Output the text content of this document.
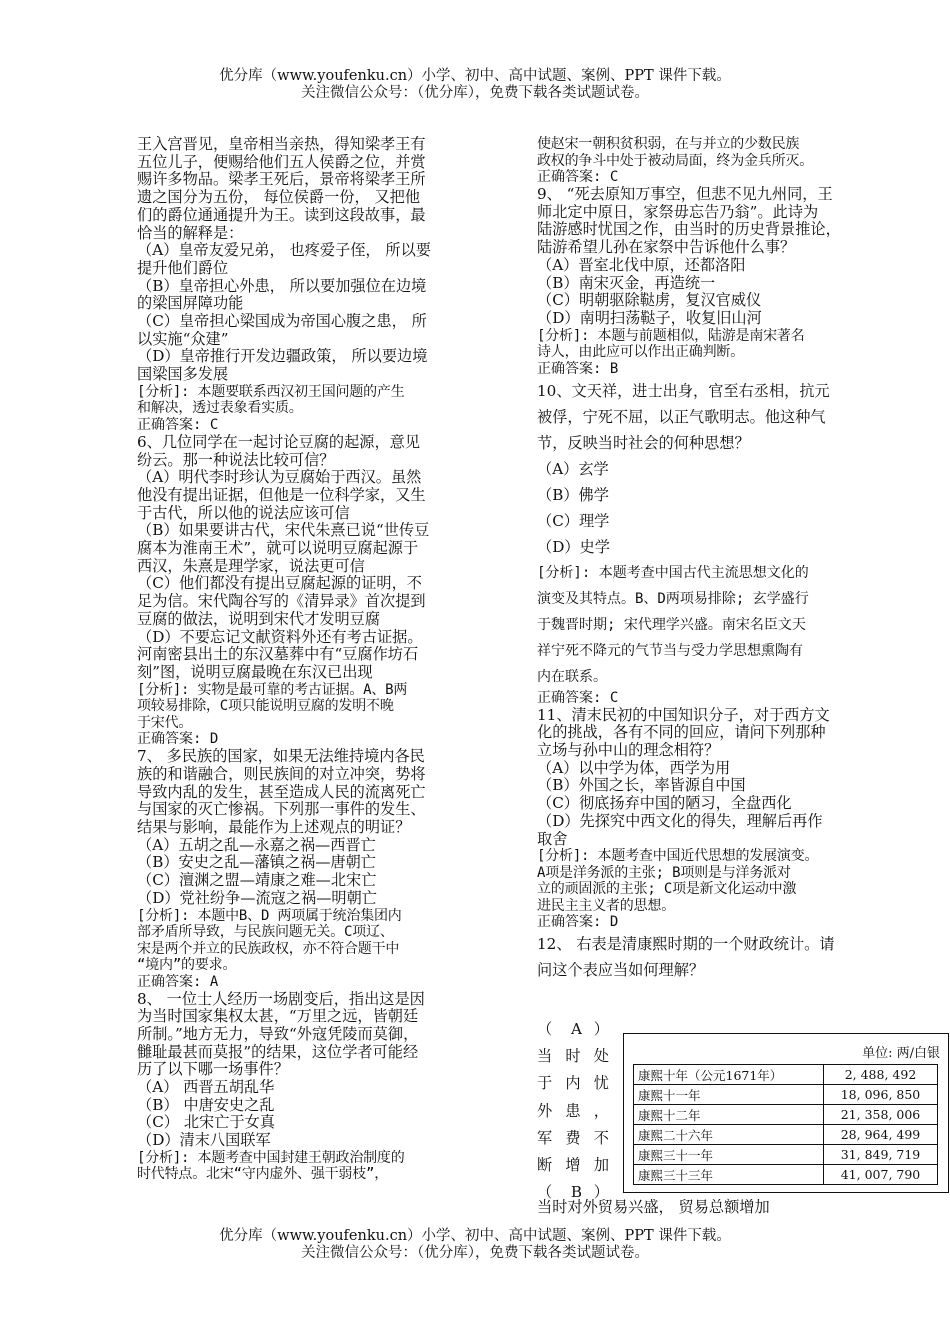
优分库（www.youfenku.cn）小学、初中、高中试题、案例、PPT 课件下载。
关注微信公众号：（优分库），免费下载各类试题试卷。
王入宫晋见，皇帝相当亲热，得知梁孝王有
五位儿子，便赐给他们五人侯爵之位，并赏
赐许多物品。梁孝王死后，景帝将梁孝王所
遗之国分为五份， 每位侯爵一份， 又把他
们的爵位通通提升为王。读到这段故事，最
恰当的解释是：
（A）皇帝友爱兄弟， 也疼爱子侄， 所以要
提升他们爵位
（B）皇帝担心外患， 所以要加强位在边境
的梁国屏障功能
（C）皇帝担心梁国成为帝国心腹之患， 所
以实施“众建”
（D）皇帝推行开发边疆政策， 所以要边境
国梁国多发展
[分析]: 本题要联系西汉初王国问题的产生
和解决，透过表象看实质。
正确答案: C
6、几位同学在一起讨论豆腐的起源，意见
纷云。那一种说法比较可信？
（A）明代李时珍认为豆腐始于西汉。虽然
他没有提出证据，但他是一位科学家，又生
于古代，所以他的说法应该可信
（B）如果要讲古代，宋代朱熹已说“世传豆
腐本为淮南王术”，就可以说明豆腐起源于
西汉，朱熹是理学家，说法更可信
（C）他们都没有提出豆腐起源的证明，不
足为信。宋代陶谷写的《清异录》首次提到
豆腐的做法，说明到宋代才发明豆腐
（D）不要忘记文献资料外还有考古证据。
河南密县出土的东汉墓葬中有“豆腐作坊石
刻”图，说明豆腐最晚在东汉已出现
[分析]: 实物是最可靠的考古证据。A、B两
项较易排除，C项只能说明豆腐的发明不晚
于宋代。
正确答案: D
7、 多民族的国家，如果无法维持境内各民
族的和谐融合，则民族间的对立冲突，势将
导致内乱的发生，甚至造成人民的流离死亡
与国家的灭亡惨祸。下列那一事件的发生、
结果与影响，最能作为上述观点的明证？
（A）五胡之乱—永嘉之祸—西晋亡
（B）安史之乱—藩镇之祸—唐朝亡
（C）澶渊之盟—靖康之难—北宋亡
（D）党社纷争—流寇之祸—明朝亡
[分析]: 本题中B、D 两项属于统治集团内
部矛盾所导致，与民族问题无关。C项辽、
宋是两个并立的民族政权，亦不符合题干中
“境内”的要求。
正确答案: A
8、 一位士人经历一场剧变后，指出这是因
为当时国家集权太甚，“万里之远，皆朝廷
所制。”地方无力，导致“外寇凭陵而莫御，
雠耻最甚而莫报”的结果，这位学者可能经
历了以下哪一场事件？
（A） 西晋五胡乱华
（B） 中唐安史之乱
（C） 北宋亡于女真
（D）清末八国联军
[分析]: 本题考查中国封建王朝政治制度的
时代特点。北宋“守内虚外、强干弱枝”，
使赵宋一朝积贫积弱，在与并立的少数民族
政权的争斗中处于被动局面，终为金兵所灭。
正确答案: C
9、 “死去原知万事空，但悲不见九州同，王
师北定中原日，家祭毋忘告乃翁”。此诗为
陆游感时忧国之作，由当时的历史背景推论，
陆游希望儿孙在家祭中告诉他什么事？
（A）晋室北伐中原，还都洛阳
（B）南宋灭金，再造统一
（C）明朝驱除鞑虏，复汉官威仪
（D）南明扫荡鞑子，收复旧山河
[分析]: 本题与前题相似，陆游是南宋著名
诗人，由此应可以作出正确判断。
正确答案: B
10、文天祥，进士出身，官至右丞相，抗元
被俘，宁死不屈，以正气歌明志。他这种气
节，反映当时社会的何种思想？
（A）玄学
（B）佛学
（C）理学
（D）史学
[分析]: 本题考查中国古代主流思想文化的
演变及其特点。B、D两项易排除; 玄学盛行
于魏晋时期; 宋代理学兴盛。南宋名臣文天
祥宁死不降元的气节当与受力学思想熏陶有
内在联系。
正确答案: C
11、清末民初的中国知识分子，对于西方文
化的挑战，各有不同的回应，请问下列那种
立场与孙中山的理念相符？
（A）以中学为体，西学为用
（B）外国之长，率皆源自中国
（C）彻底扬弃中国的陋习，全盘西化
（D）先探究中西文化的得失，理解后再作
取舍
[分析]: 本题考查中国近代思想的发展演变。
A项是洋务派的主张; B项则是与洋务派对
立的顽固派的主张; C项是新文化运动中激
进民主主义者的思想。
正确答案: D
12、 右表是清康熙时期的一个财政统计。请
问这个表应当如何理解？
（ A ）
当 时 处
于 内 忧
外 患 ，
军 费 不
断增加
（ B ）
单位: 两/白银
康熙十年（公元1671年）	2, 488, 492
康熙十一年	18, 096, 850
康熙十二年	21, 358, 006
康熙二十六年	28, 964, 499
康熙三十一年	31, 849, 719
康熙三十三年	41, 007, 790
当时对外贸易兴盛， 贸易总额增加
优分库（www.youfenku.cn）小学、初中、高中试题、案例、PPT 课件下载。
关注微信公众号：（优分库），免费下载各类试题试卷。
